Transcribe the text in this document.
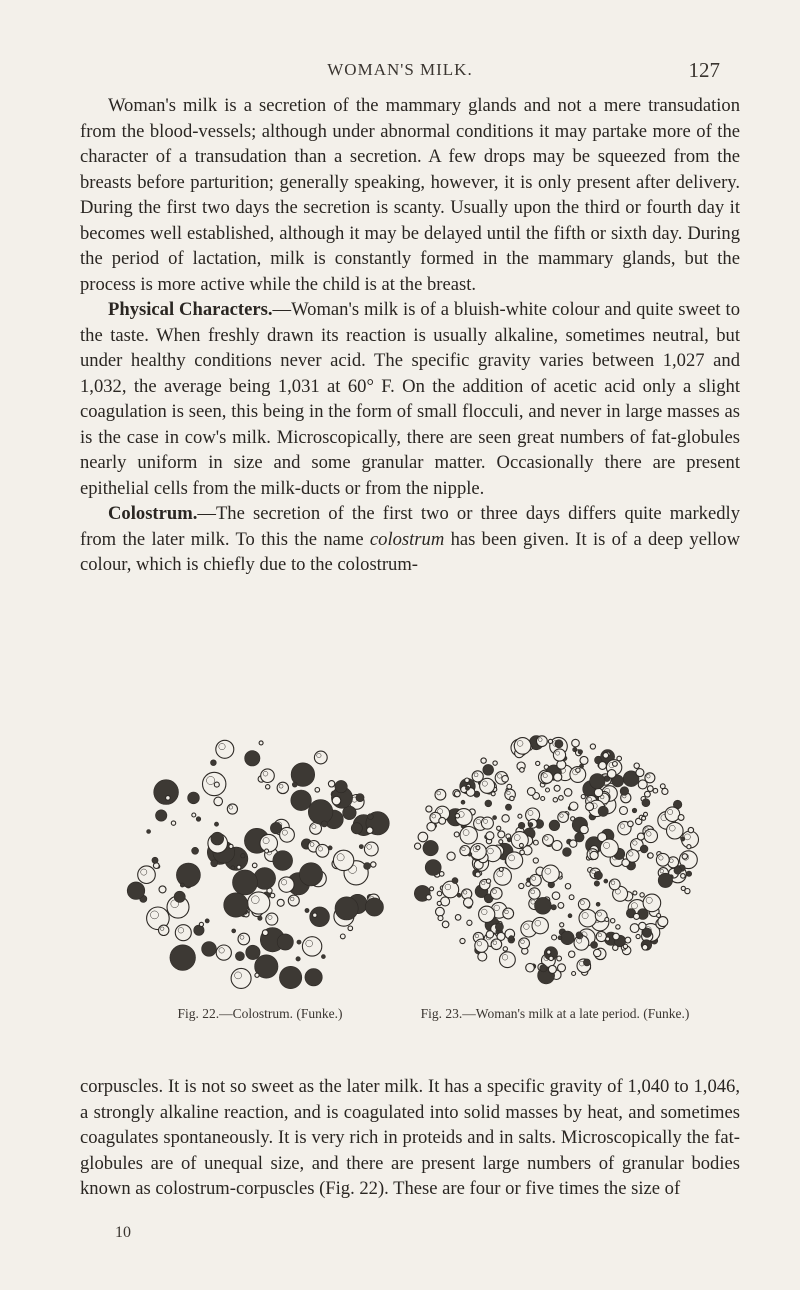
WOMAN'S MILK.	127

Woman's milk is a secretion of the mammary glands and not a mere transudation from the blood-vessels; although under abnormal conditions it may partake more of the character of a transudation than a secretion. A few drops may be squeezed from the breasts before parturition; generally speaking, however, it is only present after delivery. During the first two days the secretion is scanty. Usually upon the third or fourth day it becomes well established, although it may be delayed until the fifth or sixth day. During the period of lactation, milk is constantly formed in the mammary glands, but the process is more active while the child is at the breast.

Physical Characters.—Woman's milk is of a bluish-white colour and quite sweet to the taste. When freshly drawn its reaction is usually alkaline, sometimes neutral, but under healthy conditions never acid. The specific gravity varies between 1,027 and 1,032, the average being 1,031 at 60° F. On the addition of acetic acid only a slight coagulation is seen, this being in the form of small flocculi, and never in large masses as is the case in cow's milk. Microscopically, there are seen great numbers of fat-globules nearly uniform in size and some granular matter. Occasionally there are present epithelial cells from the milk-ducts or from the nipple.

Colostrum.—The secretion of the first two or three days differs quite markedly from the later milk. To this the name colostrum has been given. It is of a deep yellow colour, which is chiefly due to the colostrum-

Fig. 22.—Colostrum. (Funke.)	Fig. 23.—Woman's milk at a late period. (Funke.)

corpuscles. It is not so sweet as the later milk. It has a specific gravity of 1,040 to 1,046, a strongly alkaline reaction, and is coagulated into solid masses by heat, and sometimes coagulates spontaneously. It is very rich in proteids and in salts. Microscopically the fat-globules are of unequal size, and there are present large numbers of granular bodies known as colostrum-corpuscles (Fig. 22). These are four or five times the size of

10
